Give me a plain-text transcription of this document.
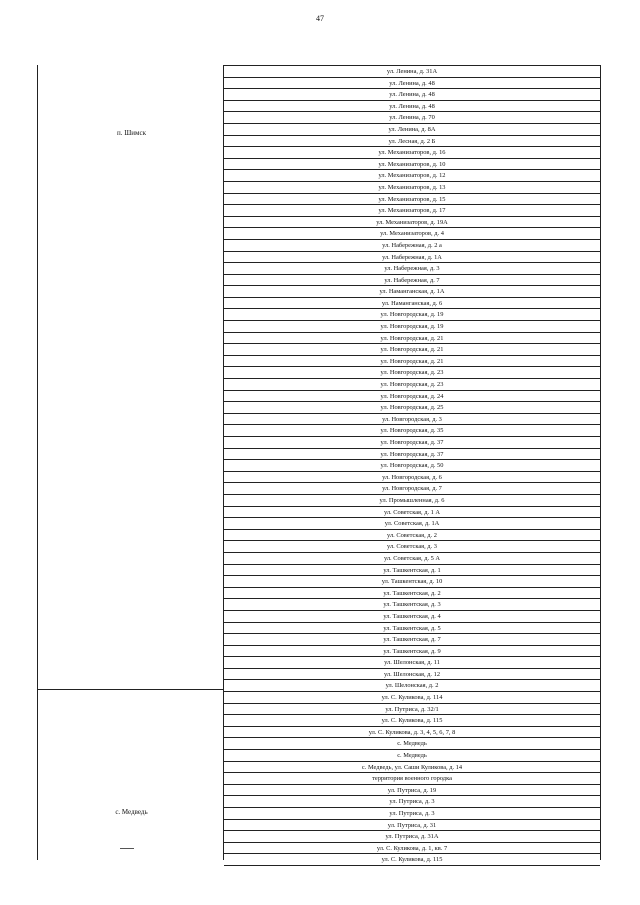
47
п. Шимск
с. Медведь
ул. Ленина, д. 31А
ул. Ленина, д. 48
ул. Ленина, д. 48
ул. Ленина, д. 48
ул. Ленина, д. 70
ул. Ленина, д. 8А
ул. Лесная, д. 2 Б
ул. Механизаторов, д. 16
ул. Механизаторов, д. 10
ул. Механизаторов, д. 12
ул. Механизаторов, д. 13
ул. Механизаторов, д. 15
ул. Механизаторов, д. 17
ул. Механизаторов, д. 19А
ул. Механизаторов, д. 4
ул. Набережная, д. 2 а
ул. Набережная, д. 1А
ул. Набережная, д. 3
ул. Набережная, д. 7
ул. Наманганская, д. 1А
ул. Наманганская, д. 6
ул. Новгородская, д. 19
ул. Новгородская, д. 19
ул. Новгородская, д. 21
ул. Новгородская, д. 21
ул. Новгородская, д. 21
ул. Новгородская, д. 23
ул. Новгородская, д. 23
ул. Новгородская, д. 24
ул. Новгородская, д. 25
ул. Новгородская, д. 3
ул. Новгородская, д. 35
ул. Новгородская, д. 37
ул. Новгородская, д. 37
ул. Новгородская, д. 50
ул. Новгородская, д. 6
ул. Новгородская, д. 7
ул. Промышленная, д. 6
ул. Советская, д. 1 А
ул. Советская, д. 1А
ул. Советская, д. 2
ул. Советская, д. 3
ул. Советская, д. 5 А
ул. Ташкентская, д. 1
ул. Ташкентская, д. 10
ул. Ташкентская, д. 2
ул. Ташкентская, д. 3
ул. Ташкентская, д. 4
ул. Ташкентская, д. 5
ул. Ташкентская, д. 7
ул. Ташкентская, д. 9
ул. Шелонская, д. 11
ул. Шелонская, д. 12
ул. Шелонская, д. 2
ул. С. Куликова, д. 114
ул. Путриса, д. 32/1
ул. С. Куликова, д. 115
ул. С. Куликова, д. 3, 4, 5, 6, 7, 8
с. Медведь
с. Медведь
с. Медведь, ул. Саши Куликова, д. 14
территория военного городка
ул. Путриса, д. 19
ул. Путриса, д. 3
ул. Путриса, д. 3
ул. Путриса, д. 31
ул. Путриса, д. 31А
ул. С. Куликова, д. 1, кв. 7
ул. С. Куликова, д. 115
